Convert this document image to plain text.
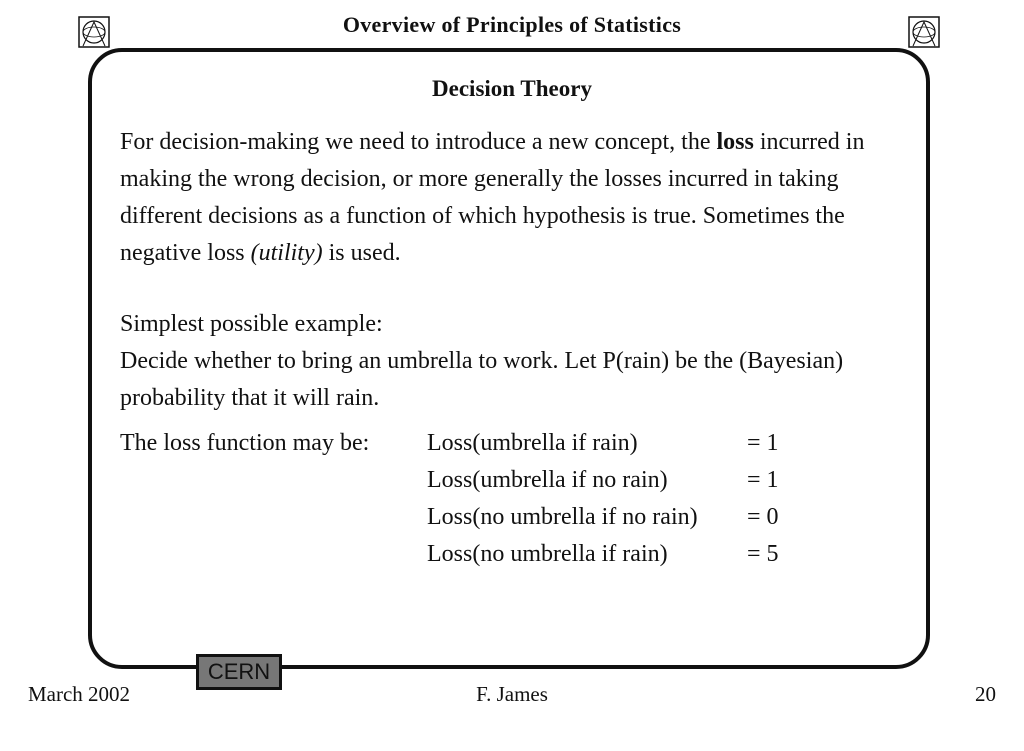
Overview of Principles of Statistics
Decision Theory
For decision-making we need to introduce a new concept, the loss incurred in making the wrong decision, or more generally the losses incurred in taking different decisions as a function of which hypothesis is true. Sometimes the negative loss (utility) is used.
Simplest possible example:
Decide whether to bring an umbrella to work. Let P(rain) be the (Bayesian) probability that it will rain.
The loss function may be: Loss(umbrella if rain)	= 1
Loss(umbrella if no rain)	= 1
Loss(no umbrella if no rain) = 0
Loss(no umbrella if rain)	= 5
CERN
March 2002	F. James	20
